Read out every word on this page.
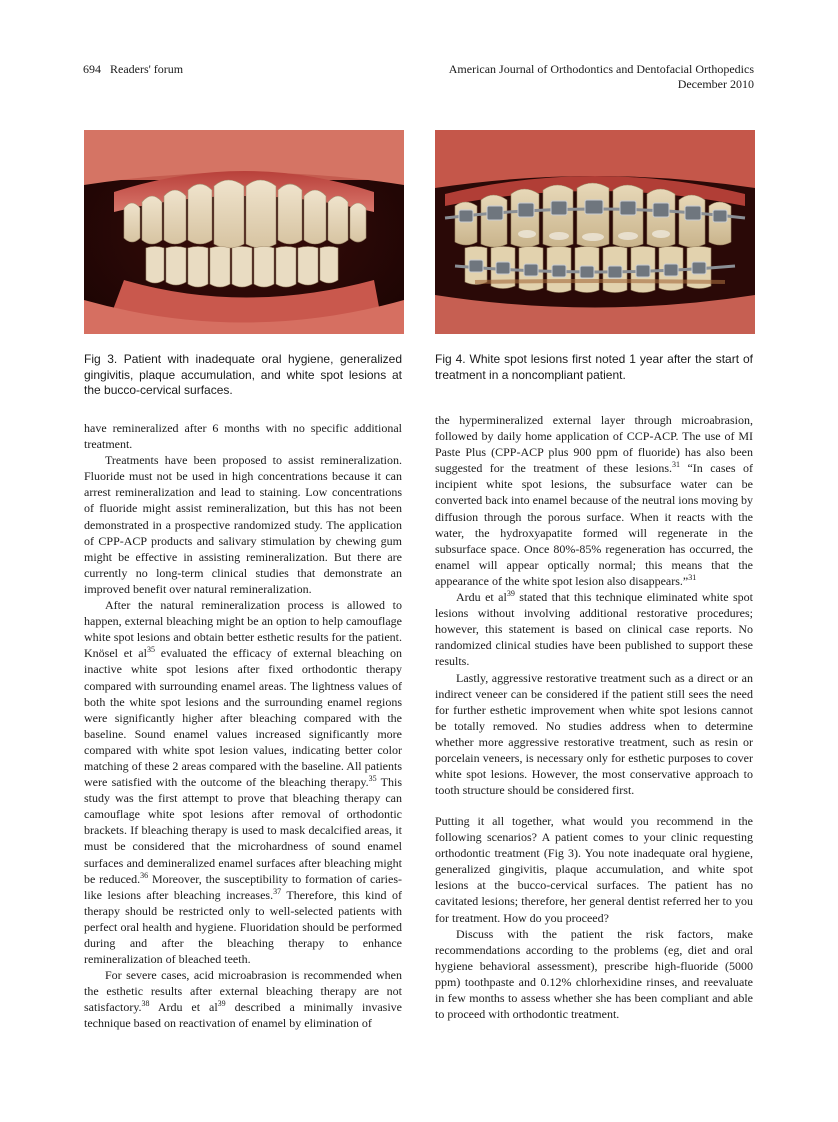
694 Readers' forum	American Journal of Orthodontics and Dentofacial Orthopedics
December 2010
Fig 3. Patient with inadequate oral hygiene, generalized gingivitis, plaque accumulation, and white spot lesions at the bucco-cervical surfaces.
Fig 4. White spot lesions first noted 1 year after the start of treatment in a noncompliant patient.

have remineralized after 6 months with no specific additional treatment.

Treatments have been proposed to assist remineralization. Fluoride must not be used in high concentrations because it can arrest remineralization and lead to staining. Low concentrations of fluoride might assist remineralization, but this has not been demonstrated in a prospective randomized study. The application of CPP-ACP products and salivary stimulation by chewing gum might be effective in assisting remineralization. But there are currently no long-term clinical studies that demonstrate an improved benefit over natural remineralization.

After the natural remineralization process is allowed to happen, external bleaching might be an option to help camouflage white spot lesions and obtain better esthetic results for the patient. Knösel et $al^{35}$ evaluated the efficacy of external bleaching on inactive white spot lesions after fixed orthodontic therapy compared with surrounding enamel areas. The lightness values of both the white spot lesions and the surrounding enamel regions were significantly higher after bleaching compared with the baseline. Sound enamel values increased significantly more compared with white spot lesion values, indicating better color matching of these 2 areas compared with the baseline. All patients were satisfied with the outcome of the bleaching therapy.$^{35}$ This study was the first attempt to prove that bleaching therapy can camouflage white spot lesions after removal of orthodontic brackets. If bleaching therapy is used to mask decalcified areas, it must be considered that the microhardness of sound enamel surfaces and demineralized enamel surfaces after bleaching might be reduced.$^{36}$ Moreover, the susceptibility to formation of caries-like lesions after bleaching increases.$^{37}$ Therefore, this kind of therapy should be restricted only to well-selected patients with perfect oral health and hygiene. Fluoridation should be performed during and after the bleaching therapy to enhance remineralization of bleached teeth.

For severe cases, acid microabrasion is recommended when the esthetic results after external bleaching therapy are not satisfactory.$^{38}$ Ardu et $al^{39}$ described a minimally invasive technique based on reactivation of enamel by elimination of

the hypermineralized external layer through microabrasion, followed by daily home application of CCP-ACP. The use of MI Paste Plus (CPP-ACP plus 900 ppm of fluoride) has also been suggested for the treatment of these lesions.$^{31}$ “In cases of incipient white spot lesions, the subsurface water can be converted back into enamel because of the neutral ions moving by diffusion through the porous surface. When it reacts with the water, the hydroxyapatite formed will regenerate in the subsurface space. Once 80%-85% regeneration has occurred, the enamel will appear optically normal; this means that the appearance of the white spot lesion also disappears.”$^{31}$

Ardu et $al^{39}$ stated that this technique eliminated white spot lesions without involving additional restorative procedures; however, this statement is based on clinical case reports. No randomized clinical studies have been published to support these results.

Lastly, aggressive restorative treatment such as a direct or an indirect veneer can be considered if the patient still sees the need for further esthetic improvement when white spot lesions cannot be totally removed. No studies address when to determine whether more aggressive restorative treatment, such as resin or porcelain veneers, is necessary only for esthetic purposes to cover white spot lesions. However, the most conservative approach to tooth structure should be considered first.

Putting it all together, what would you recommend in the following scenarios? A patient comes to your clinic requesting orthodontic treatment (Fig 3). You note inadequate oral hygiene, generalized gingivitis, plaque accumulation, and white spot lesions at the bucco-cervical surfaces. The patient has no cavitated lesions; therefore, her general dentist referred her to you for treatment. How do you proceed?

Discuss with the patient the risk factors, make recommendations according to the problems (eg, diet and oral hygiene behavioral assessment), prescribe high-fluoride (5000 ppm) toothpaste and 0.12% chlorhexidine rinses, and reevaluate in few months to assess whether she has been compliant and able to proceed with orthodontic treatment.
